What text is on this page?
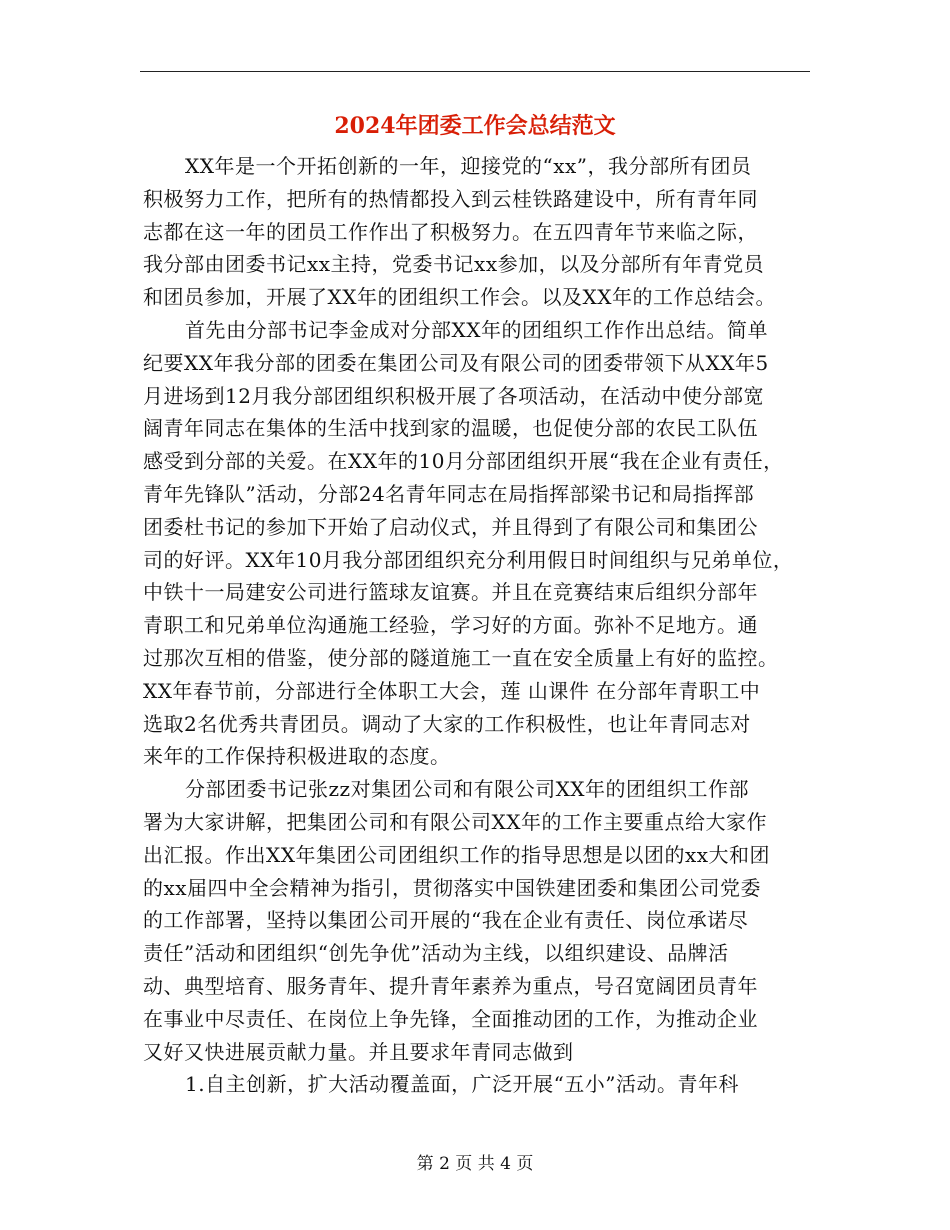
2024年团委工作会总结范文
XX年是一个开拓创新的一年，迎接党的“xx”，我分部所有团员
积极努力工作，把所有的热情都投入到云桂铁路建设中，所有青年同
志都在这一年的团员工作作出了积极努力。在五四青年节来临之际，
我分部由团委书记xx主持，党委书记xx参加，以及分部所有年青党员
和团员参加，开展了XX年的团组织工作会。以及XX年的工作总结会。
首先由分部书记李金成对分部XX年的团组织工作作出总结。简单
纪要XX年我分部的团委在集团公司及有限公司的团委带领下从XX年5
月进场到12月我分部团组织积极开展了各项活动，在活动中使分部宽
阔青年同志在集体的生活中找到家的温暖，也促使分部的农民工队伍
感受到分部的关爱。在XX年的10月分部团组织开展“我在企业有责任，
青年先锋队”活动，分部24名青年同志在局指挥部梁书记和局指挥部
团委杜书记的参加下开始了启动仪式，并且得到了有限公司和集团公
司的好评。XX年10月我分部团组织充分利用假日时间组织与兄弟单位，
中铁十一局建安公司进行篮球友谊赛。并且在竞赛结束后组织分部年
青职工和兄弟单位沟通施工经验，学习好的方面。弥补不足地方。通
过那次互相的借鉴，使分部的隧道施工一直在安全质量上有好的监控。
XX年春节前，分部进行全体职工大会，莲 山课件 在分部年青职工中
选取2名优秀共青团员。调动了大家的工作积极性，也让年青同志对
来年的工作保持积极进取的态度。
分部团委书记张zz对集团公司和有限公司XX年的团组织工作部
署为大家讲解，把集团公司和有限公司XX年的工作主要重点给大家作
出汇报。作出XX年集团公司团组织工作的指导思想是以团的xx大和团
的xx届四中全会精神为指引，贯彻落实中国铁建团委和集团公司党委
的工作部署，坚持以集团公司开展的“我在企业有责任、岗位承诺尽
责任”活动和团组织“创先争优”活动为主线，以组织建设、品牌活
动、典型培育、服务青年、提升青年素养为重点，号召宽阔团员青年
在事业中尽责任、在岗位上争先锋，全面推动团的工作，为推动企业
又好又快进展贡献力量。并且要求年青同志做到
1.自主创新，扩大活动覆盖面，广泛开展“五小”活动。青年科
第 2 页 共 4 页
